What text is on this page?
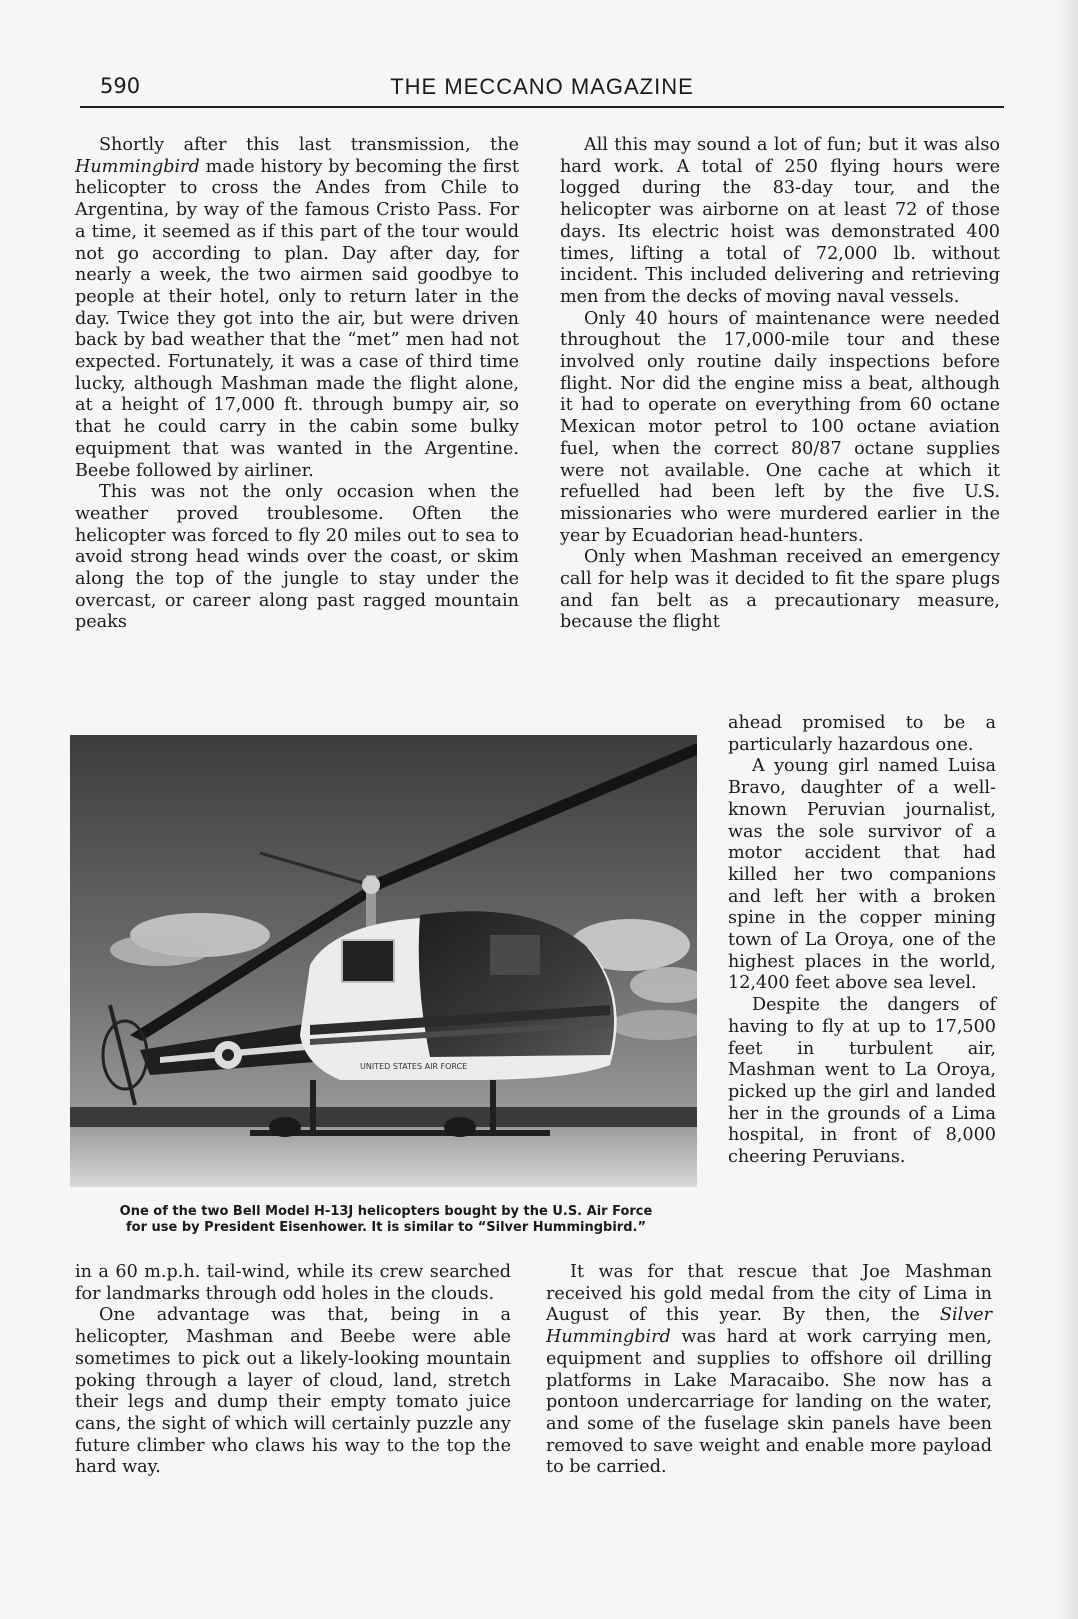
590	THE MECCANO MAGAZINE

Shortly after this last transmission, the Hummingbird made history by becoming the first helicopter to cross the Andes from Chile to Argentina, by way of the famous Cristo Pass. For a time, it seemed as if this part of the tour would not go according to plan. Day after day, for nearly a week, the two airmen said goodbye to people at their hotel, only to return later in the day. Twice they got into the air, but were driven back by bad weather that the “met” men had not expected. Fortunately, it was a case of third time lucky, although Mashman made the flight alone, at a height of 17,000 ft. through bumpy air, so that he could carry in the cabin some bulky equipment that was wanted in the Argentine. Beebe followed by airliner.

This was not the only occasion when the weather proved troublesome. Often the helicopter was forced to fly 20 miles out to sea to avoid strong head winds over the coast, or skim along the top of the jungle to stay under the overcast, or career along past ragged mountain peaks

All this may sound a lot of fun; but it was also hard work. A total of 250 flying hours were logged during the 83-day tour, and the helicopter was airborne on at least 72 of those days. Its electric hoist was demonstrated 400 times, lifting a total of 72,000 lb. without incident. This included delivering and retrieving men from the decks of moving naval vessels.

Only 40 hours of maintenance were needed throughout the 17,000-mile tour and these involved only routine daily inspections before flight. Nor did the engine miss a beat, although it had to operate on everything from 60 octane Mexican motor petrol to 100 octane aviation fuel, when the correct 80/87 octane supplies were not available. One cache at which it refuelled had been left by the five U.S. missionaries who were murdered earlier in the year by Ecuadorian head-hunters.

Only when Mashman received an emergency call for help was it decided to fit the spare plugs and fan belt as a precautionary measure, because the flight

ahead promised to be a particularly hazardous one.

A young girl named Luisa Bravo, daughter of a well-known Peruvian journalist, was the sole survivor of a motor accident that had killed her two companions and left her with a broken spine in the copper mining town of La Oroya, one of the highest places in the world, 12,400 feet above sea level.

Despite the dangers of having to fly at up to 17,500 feet in turbulent air, Mashman went to La Oroya, picked up the girl and landed her in the grounds of a Lima hospital, in front of 8,000 cheering Peruvians.

UNITED STATES AIR FORCE
One of the two Bell Model H-13J helicopters bought by the U.S. Air Force
for use by President Eisenhower. It is similar to “Silver Hummingbird.”

in a 60 m.p.h. tail-wind, while its crew searched for landmarks through odd holes in the clouds.

One advantage was that, being in a helicopter, Mashman and Beebe were able sometimes to pick out a likely-looking mountain poking through a layer of cloud, land, stretch their legs and dump their empty tomato juice cans, the sight of which will certainly puzzle any future climber who claws his way to the top the hard way.

It was for that rescue that Joe Mashman received his gold medal from the city of Lima in August of this year. By then, the Silver Hummingbird was hard at work carrying men, equipment and supplies to offshore oil drilling platforms in Lake Maracaibo. She now has a pontoon undercarriage for landing on the water, and some of the fuselage skin panels have been removed to save weight and enable more payload to be carried.
